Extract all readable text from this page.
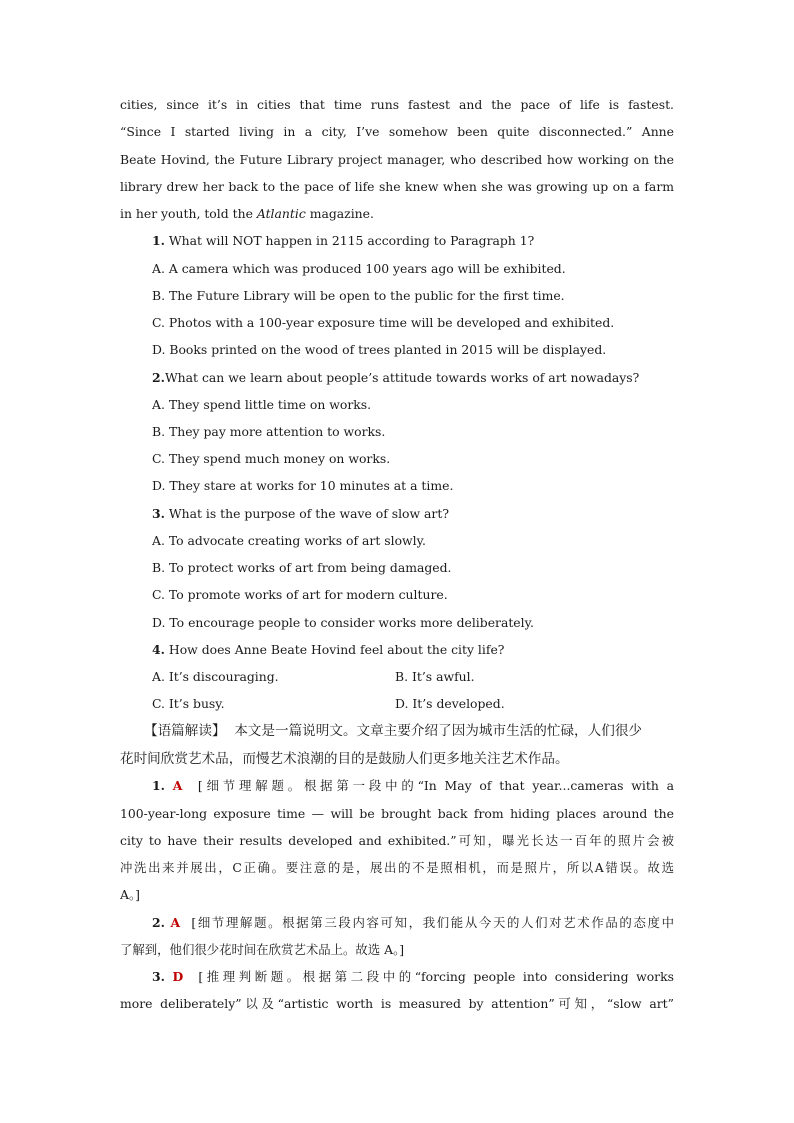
cities, since it’s in cities that time runs fastest and the pace of life is fastest.
“Since I started living in a city, I’ve somehow been quite disconnected.” Anne
Beate Hovind, the Future Library project manager, who described how working on the
library drew her back to the pace of life she knew when she was growing up on a farm
in her youth, told the Atlantic magazine.
1. What will NOT happen in 2115 according to Paragraph 1?
A. A camera which was produced 100 years ago will be exhibited.
B. The Future Library will be open to the public for the first time.
C. Photos with a 100-year exposure time will be developed and exhibited.
D. Books printed on the wood of trees planted in 2015 will be displayed.
2.What can we learn about people’s attitude towards works of art nowadays?
A. They spend little time on works.
B. They pay more attention to works.
C. They spend much money on works.
D. They stare at works for 10 minutes at a time.
3. What is the purpose of the wave of slow art?
A. To advocate creating works of art slowly.
B. To protect works of art from being damaged.
C. To promote works of art for modern culture.
D. To encourage people to consider works more deliberately.
4. How does Anne Beate Hovind feel about the city life?
A. It’s discouraging.	B. It’s awful.
C. It’s busy.	D. It’s developed.
【语篇解读】 本文是一篇说明文。文章主要介绍了因为城市生活的忙碌，人们很少
花时间欣赏艺术品，而慢艺术浪潮的目的是鼓励人们更多地关注艺术作品。
1. A [细节理解题。根据第一段中的“In May of that year...cameras with a
100-year-long exposure time — will be brought back from hiding places around the
city to have their results developed and exhibited.”可知，曝光长达一百年的照片会被
冲洗出来并展出，C正确。要注意的是，展出的不是照相机，而是照片，所以A错误。故选
A。]
2. A [细节理解题。根据第三段内容可知，我们能从今天的人们对艺术作品的态度中
了解到，他们很少花时间在欣赏艺术品上。故选 A。]
3. D [推理判断题。根据第二段中的“forcing people into considering works
more deliberately”以及“artistic worth is measured by attention”可知，“slow art”
